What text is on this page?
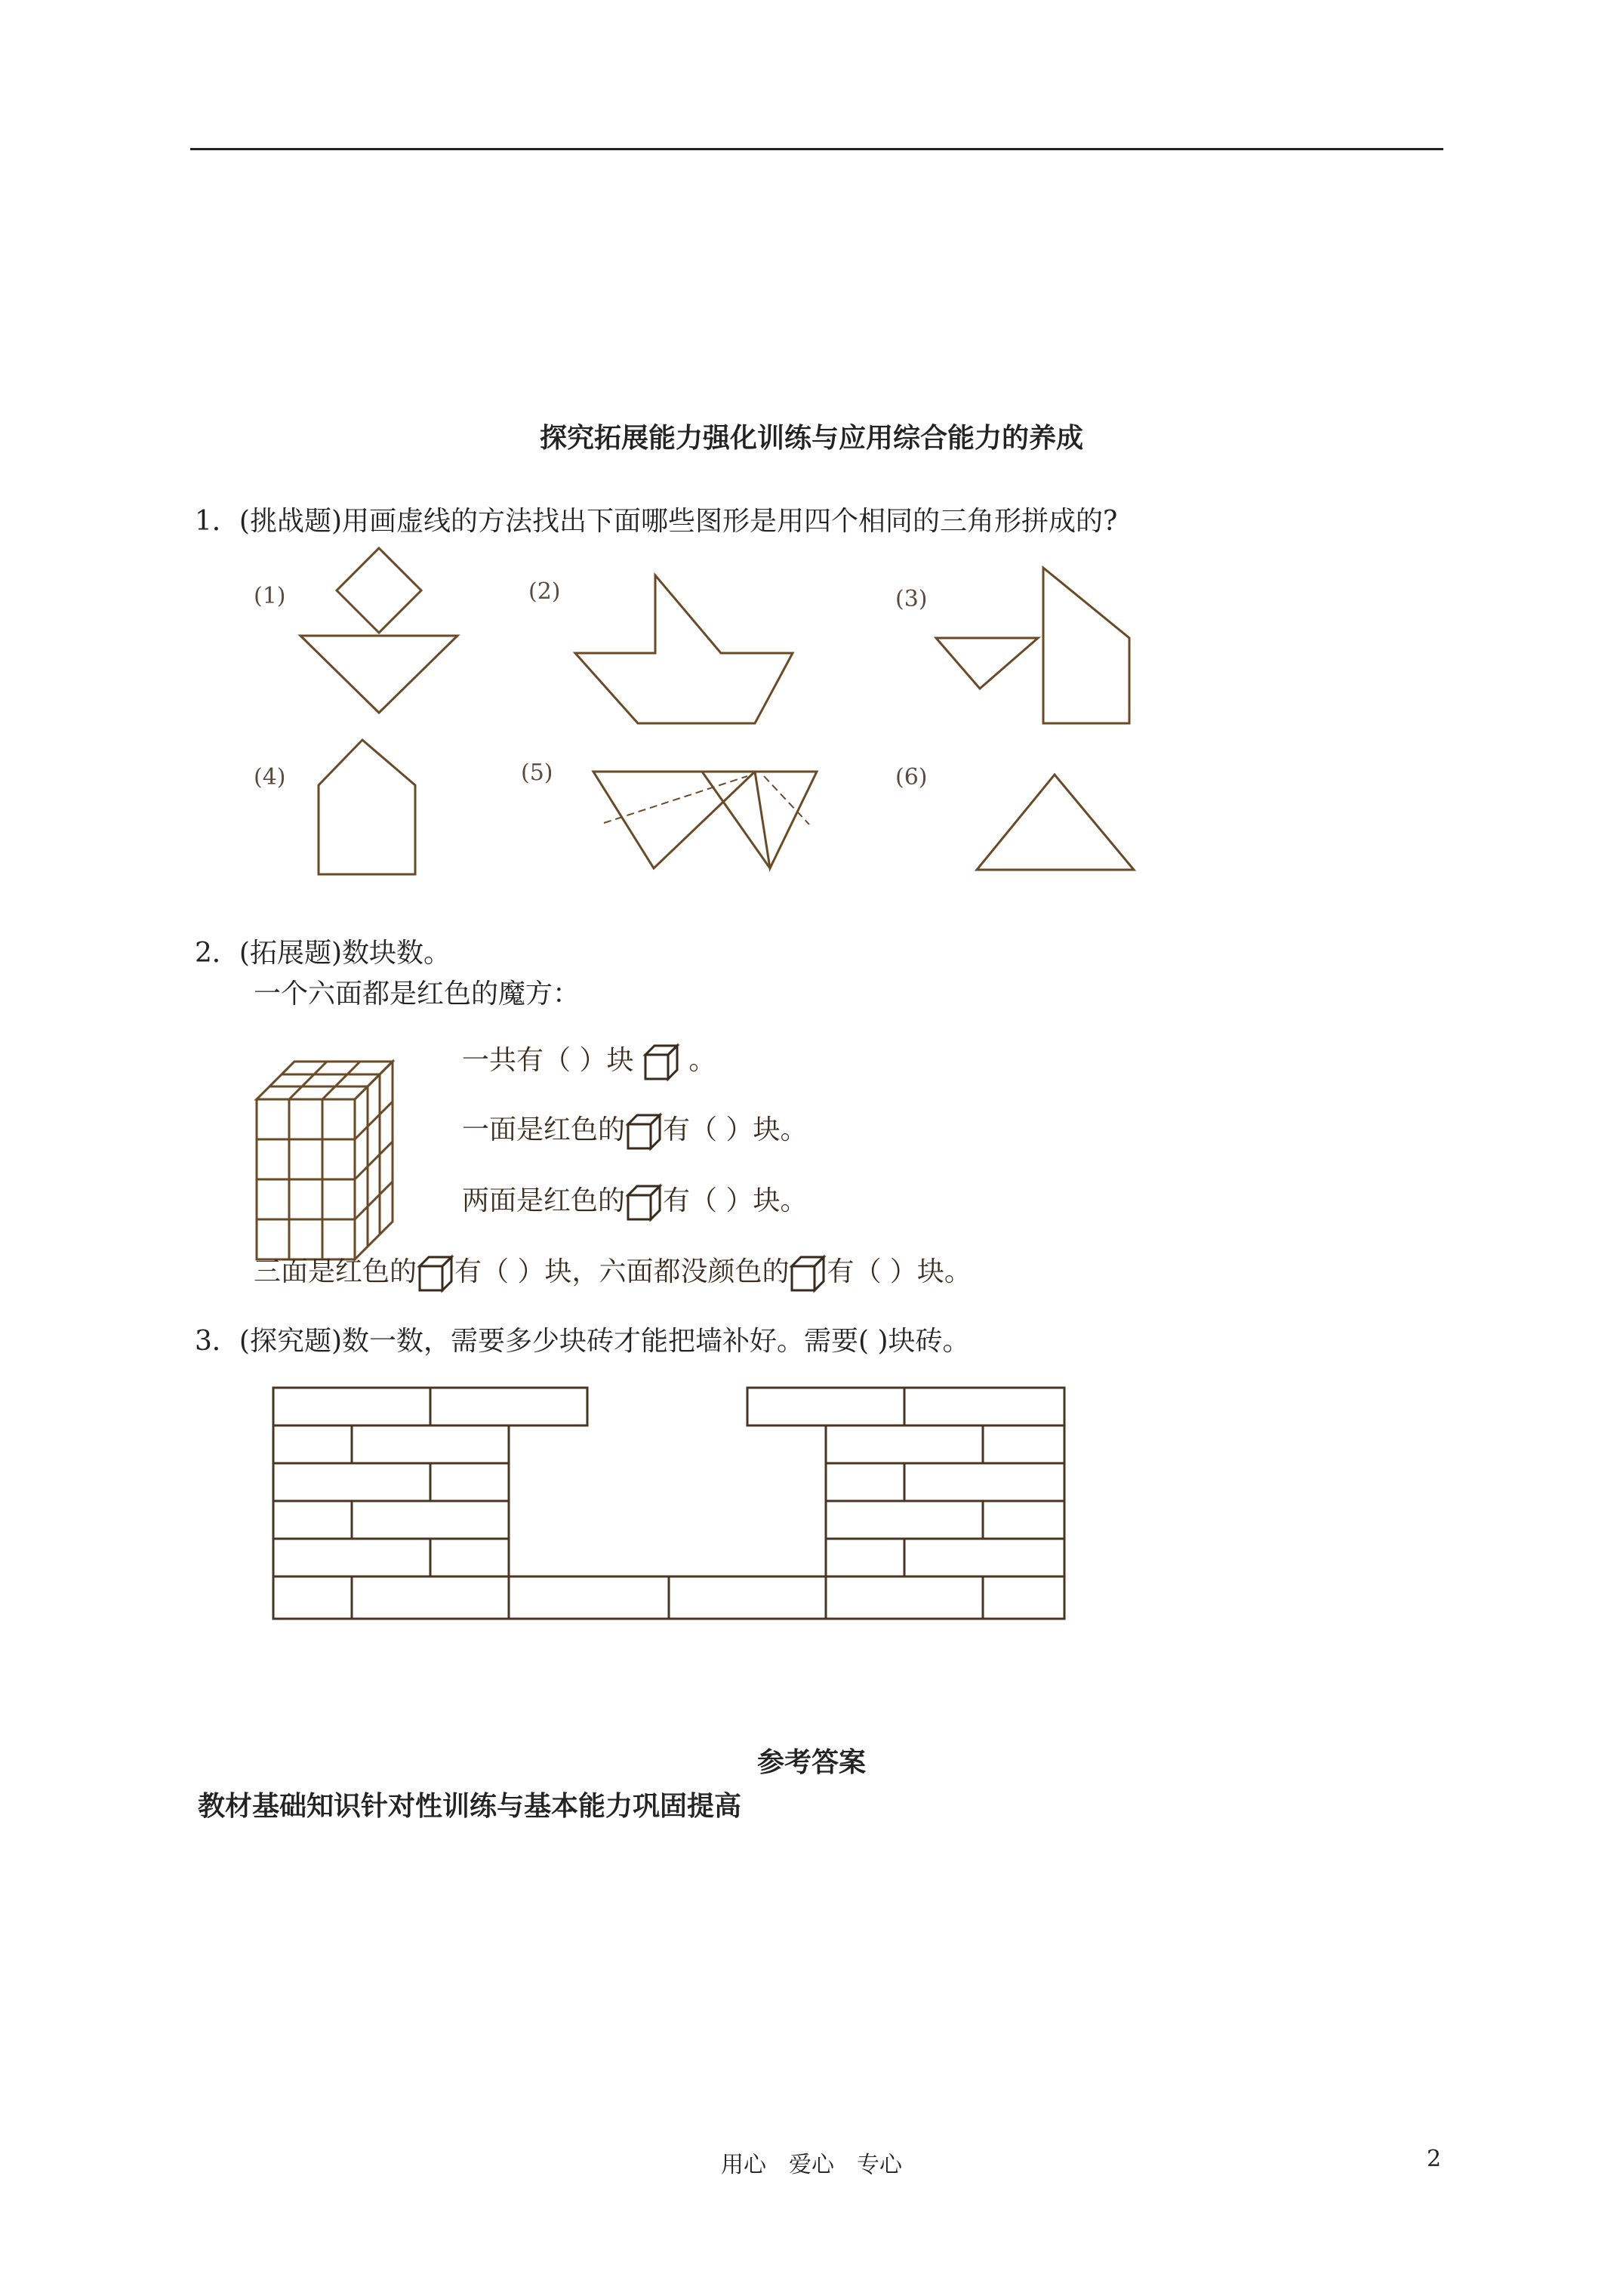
探究拓展能力强化训练与应用综合能力的养成
1．(挑战题)用画虚线的方法找出下面哪些图形是用四个相同的三角形拼成的?
(1)	(2)	(3)
(4)	(5)	(6)
2．(拓展题)数块数。
一个六面都是红色的魔方：
一共有（ ）块 。
一面是红色的 有（ ）块。
两面是红色的 有（ ）块。
三面是红色的 有（ ）块，六面都没颜色的 有（ ）块。
3．(探究题)数一数，需要多少块砖才能把墙补好。需要( )块砖。
参考答案
教材基础知识针对性训练与基本能力巩固提高
用心　爱心　专心	2
